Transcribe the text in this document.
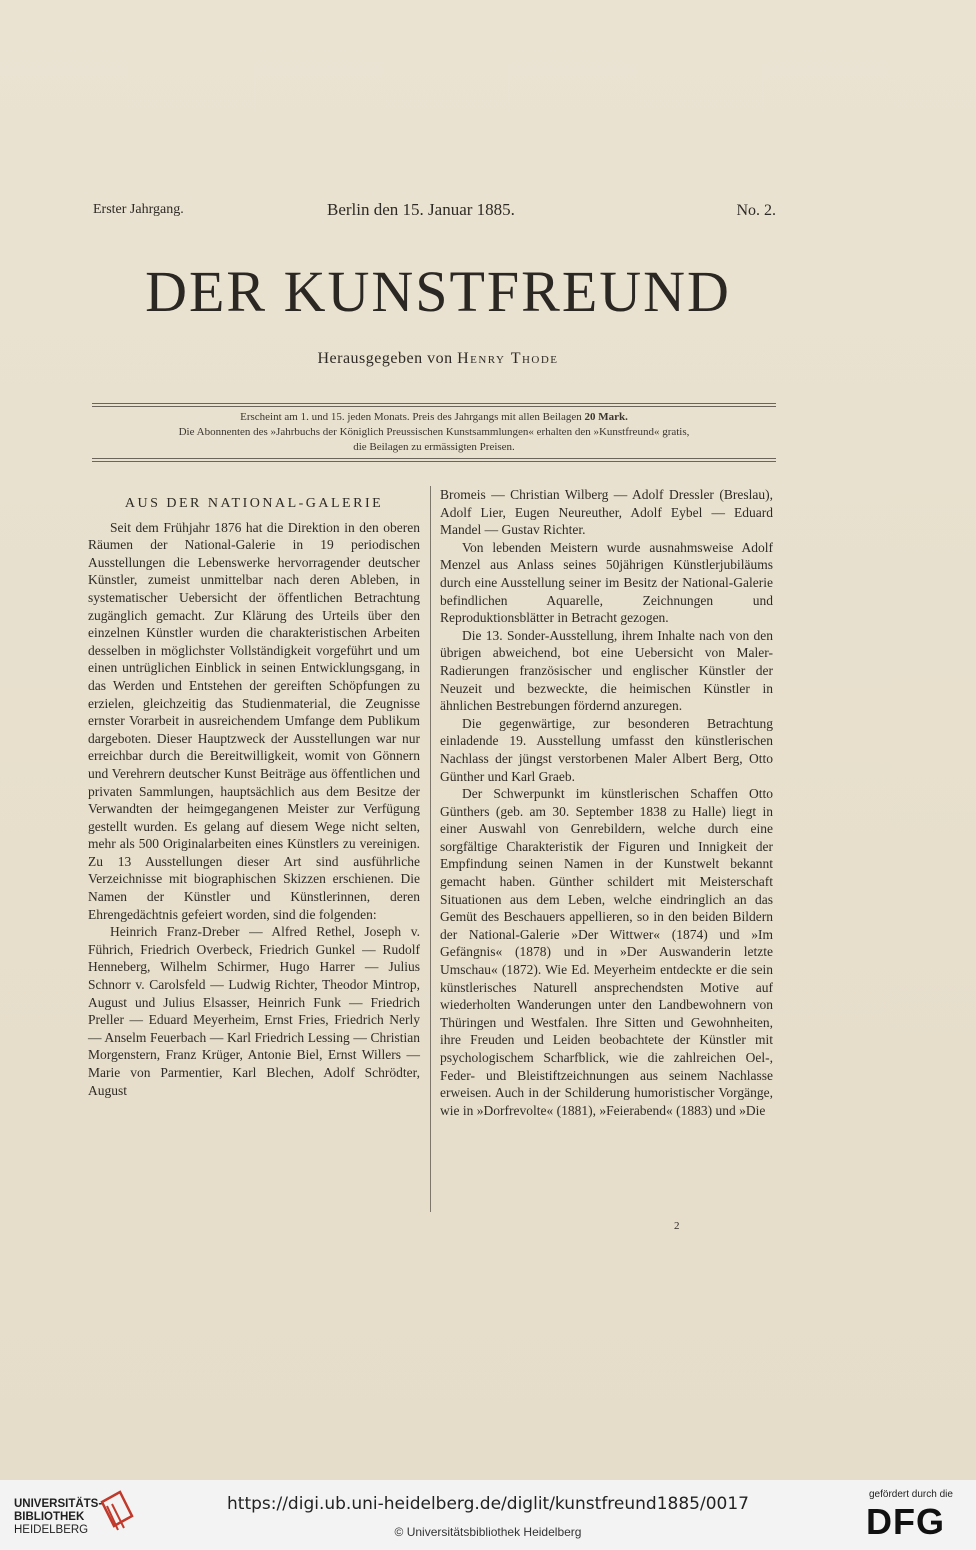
Erster Jahrgang.	Berlin den 15. Januar 1885.	No. 2.
DER KUNSTFREUND
Herausgegeben von Henry Thode
Erscheint am 1. und 15. jeden Monats. Preis des Jahrgangs mit allen Beilagen 20 Mark.
Die Abonnenten des »Jahrbuchs der Königlich Preussischen Kunstsammlungen« erhalten den »Kunstfreund« gratis,
die Beilagen zu ermässigten Preisen.
AUS DER NATIONAL-GALERIE

Seit dem Frühjahr 1876 hat die Direktion in den oberen Räumen der National-Galerie in 19 periodischen Ausstellungen die Lebenswerke hervorragender deutscher Künstler, zumeist unmittelbar nach deren Ableben, in systematischer Uebersicht der öffentlichen Betrachtung zugänglich gemacht. Zur Klärung des Urteils über den einzelnen Künstler wurden die charakteristischen Arbeiten desselben in möglichster Vollständigkeit vorgeführt und um einen untrüglichen Einblick in seinen Entwicklungsgang, in das Werden und Entstehen der gereiften Schöpfungen zu erzielen, gleichzeitig das Studienmaterial, die Zeugnisse ernster Vorarbeit in ausreichendem Umfange dem Publikum dargeboten. Dieser Hauptzweck der Ausstellungen war nur erreichbar durch die Bereitwilligkeit, womit von Gönnern und Verehrern deutscher Kunst Beiträge aus öffentlichen und privaten Sammlungen, hauptsächlich aus dem Besitze der Verwandten der heimgegangenen Meister zur Verfügung gestellt wurden. Es gelang auf diesem Wege nicht selten, mehr als 500 Originalarbeiten eines Künstlers zu vereinigen. Zu 13 Ausstellungen dieser Art sind ausführliche Verzeichnisse mit biographischen Skizzen erschienen. Die Namen der Künstler und Künstlerinnen, deren Ehrengedächtnis gefeiert worden, sind die folgenden:

Heinrich Franz-Dreber — Alfred Rethel, Joseph v. Führich, Friedrich Overbeck, Friedrich Gunkel — Rudolf Henneberg, Wilhelm Schirmer, Hugo Harrer — Julius Schnorr v. Carolsfeld — Ludwig Richter, Theodor Mintrop, August und Julius Elsasser, Heinrich Funk — Friedrich Preller — Eduard Meyerheim, Ernst Fries, Friedrich Nerly — Anselm Feuerbach — Karl Friedrich Lessing — Christian Morgenstern, Franz Krüger, Antonie Biel, Ernst Willers — Marie von Parmentier, Karl Blechen, Adolf Schrödter, August

Bromeis — Christian Wilberg — Adolf Dressler (Breslau), Adolf Lier, Eugen Neureuther, Adolf Eybel — Eduard Mandel — Gustav Richter.

Von lebenden Meistern wurde ausnahmsweise Adolf Menzel aus Anlass seines 50jährigen Künstlerjubiläums durch eine Ausstellung seiner im Besitz der National-Galerie befindlichen Aquarelle, Zeichnungen und Reproduktionsblätter in Betracht gezogen.

Die 13. Sonder-Ausstellung, ihrem Inhalte nach von den übrigen abweichend, bot eine Uebersicht von Maler-Radierungen französischer und englischer Künstler der Neuzeit und bezweckte, die heimischen Künstler in ähnlichen Bestrebungen fördernd anzuregen.

Die gegenwärtige, zur besonderen Betrachtung einladende 19. Ausstellung umfasst den künstlerischen Nachlass der jüngst verstorbenen Maler Albert Berg, Otto Günther und Karl Graeb.

Der Schwerpunkt im künstlerischen Schaffen Otto Günthers (geb. am 30. September 1838 zu Halle) liegt in einer Auswahl von Genrebildern, welche durch eine sorgfältige Charakteristik der Figuren und Innigkeit der Empfindung seinen Namen in der Kunstwelt bekannt gemacht haben. Günther schildert mit Meisterschaft Situationen aus dem Leben, welche eindringlich an das Gemüt des Beschauers appellieren, so in den beiden Bildern der National-Galerie »Der Wittwer« (1874) und »Im Gefängnis« (1878) und in »Der Auswanderin letzte Umschau« (1872). Wie Ed. Meyerheim entdeckte er die sein künstlerisches Naturell ansprechendsten Motive auf wiederholten Wanderungen unter den Landbewohnern von Thüringen und Westfalen. Ihre Sitten und Gewohnheiten, ihre Freuden und Leiden beobachtete der Künstler mit psychologischem Scharfblick, wie die zahlreichen Oel-, Feder- und Bleistiftzeichnungen aus seinem Nachlasse erweisen. Auch in der Schilderung humoristischer Vorgänge, wie in »Dorfrevolte« (1881), »Feierabend« (1883) und »Die

2
UNIVERSITÄTS-
BIBLIOTHEK
HEIDELBERG
https://digi.ub.uni-heidelberg.de/diglit/kunstfreund1885/0017
© Universitätsbibliothek Heidelberg
gefördert durch die
DFG
